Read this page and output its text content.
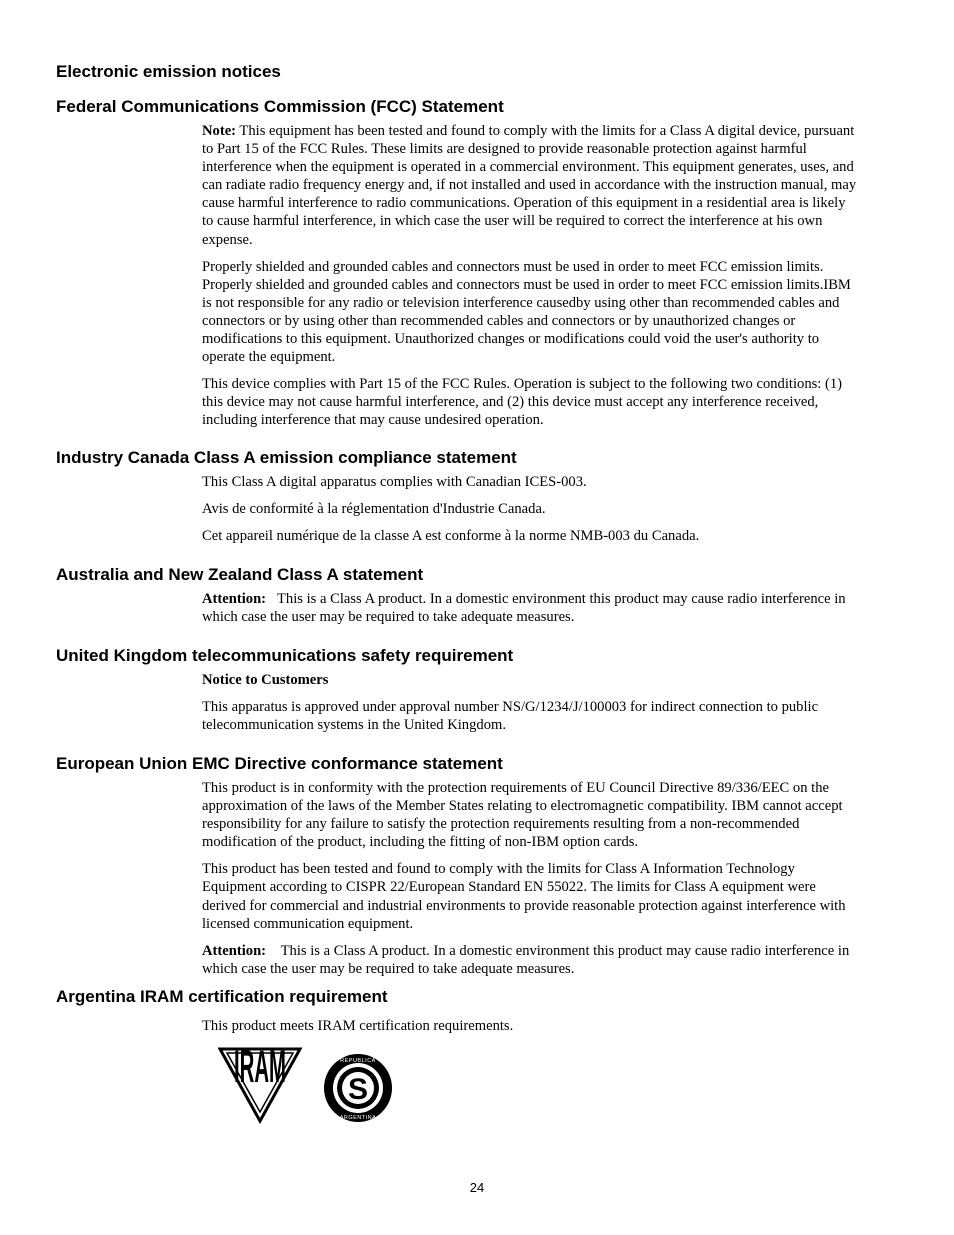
Electronic emission notices
Federal Communications Commission (FCC) Statement

Note: This equipment has been tested and found to comply with the limits for a Class A digital device, pursuant to Part 15 of the FCC Rules. These limits are designed to provide reasonable protection against harmful interference when the equipment is operated in a commercial environment. This equipment generates, uses, and can radiate radio frequency energy and, if not installed and used in accordance with the instruction manual, may cause harmful interference to radio communications. Operation of this equipment in a residential area is likely to cause harmful interference, in which case the user will be required to correct the interference at his own expense.

Properly shielded and grounded cables and connectors must be used in order to meet FCC emission limits. Properly shielded and grounded cables and connectors must be used in order to meet FCC emission limits.IBM is not responsible for any radio or television interference causedby using other than recommended cables and connectors or by using other than recommended cables and connectors or by unauthorized changes or modifications to this equipment. Unauthorized changes or modifications could void the user's authority to operate the equipment.

This device complies with Part 15 of the FCC Rules. Operation is subject to the following two conditions: (1) this device may not cause harmful interference, and (2) this device must accept any interference received, including interference that may cause undesired operation.

Industry Canada Class A emission compliance statement

This Class A digital apparatus complies with Canadian ICES-003.

Avis de conformité à la réglementation d'Industrie Canada.

Cet appareil numérique de la classe A est conforme à la norme NMB-003 du Canada.

Australia and New Zealand Class A statement

Attention: This is a Class A product. In a domestic environment this product may cause radio interference in which case the user may be required to take adequate measures.

United Kingdom telecommunications safety requirement

Notice to Customers

This apparatus is approved under approval number NS/G/1234/J/100003 for indirect connection to public telecommunication systems in the United Kingdom.

European Union EMC Directive conformance statement

This product is in conformity with the protection requirements of EU Council Directive 89/336/EEC on the approximation of the laws of the Member States relating to electromagnetic compatibility. IBM cannot accept responsibility for any failure to satisfy the protection requirements resulting from a non-recommended modification of the product, including the fitting of non-IBM option cards.

This product has been tested and found to comply with the limits for Class A Information Technology Equipment according to CISPR 22/European Standard EN 55022. The limits for Class A equipment were derived for commercial and industrial environments to provide reasonable protection against interference with licensed communication equipment.

Attention: This is a Class A product. In a domestic environment this product may cause radio interference in which case the user may be required to take adequate measures.

Argentina IRAM certification requirement

This product meets IRAM certification requirements.

IRAM S
REPUBLICA
ARGENTINA
24
